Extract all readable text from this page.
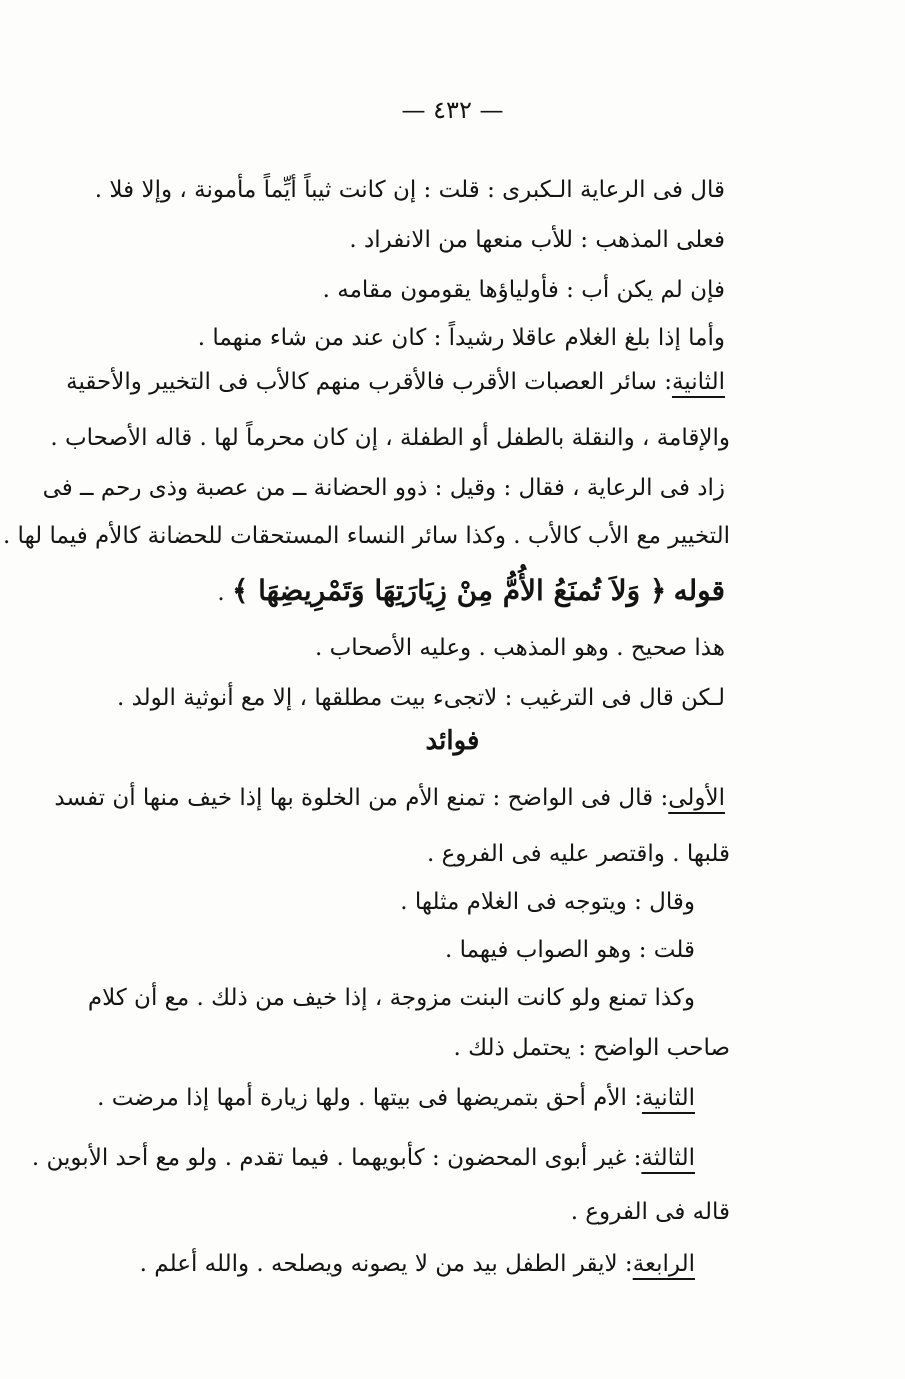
— ٤٣٢ —
قال فى الرعاية الـكبرى : قلت : إن كانت ثيباً أيِّماً مأمونة ، وإلا فلا .
فعلى المذهب : للأب منعها من الانفراد .
فإن لم يكن أب : فأولياؤها يقومون مقامه .
وأما إذا بلغ الغلام عاقلا رشيداً : كان عند من شاء منهما .
الثانية: سائر العصبات الأقرب فالأقرب منهم كالأب فى التخيير والأحقية
والإقامة ، والنقلة بالطفل أو الطفلة ، إن كان محرماً لها . قاله الأصحاب .
زاد فى الرعاية ، فقال : وقيل : ذوو الحضانة ــ من عصبة وذى رحم ــ فى
التخيير مع الأب كالأب . وكذا سائر النساء المستحقات للحضانة كالأم فيما لها .
قوله ﴿ وَلاَ تُمنَعُ الأُمُّ مِنْ زِيَارَتِهَا وَتَمْرِيضِهَا ﴾ .
هذا صحيح . وهو المذهب . وعليه الأصحاب .
لـكن قال فى الترغيب : لاتجىء بيت مطلقها ، إلا مع أنوثية الولد .
فوائد
الأولى: قال فى الواضح : تمنع الأم من الخلوة بها إذا خيف منها أن تفسد
قلبها . واقتصر عليه فى الفروع .
وقال : ويتوجه فى الغلام مثلها .
قلت : وهو الصواب فيهما .
وكذا تمنع ولو كانت البنت مزوجة ، إذا خيف من ذلك . مع أن كلام
صاحب الواضح : يحتمل ذلك .
الثانية: الأم أحق بتمريضها فى بيتها . ولها زيارة أمها إذا مرضت .
الثالثة: غير أبوى المحضون : كأبويهما . فيما تقدم . ولو مع أحد الأبوين .
قاله فى الفروع .
الرابعة: لايقر الطفل بيد من لا يصونه ويصلحه . والله أعلم .
